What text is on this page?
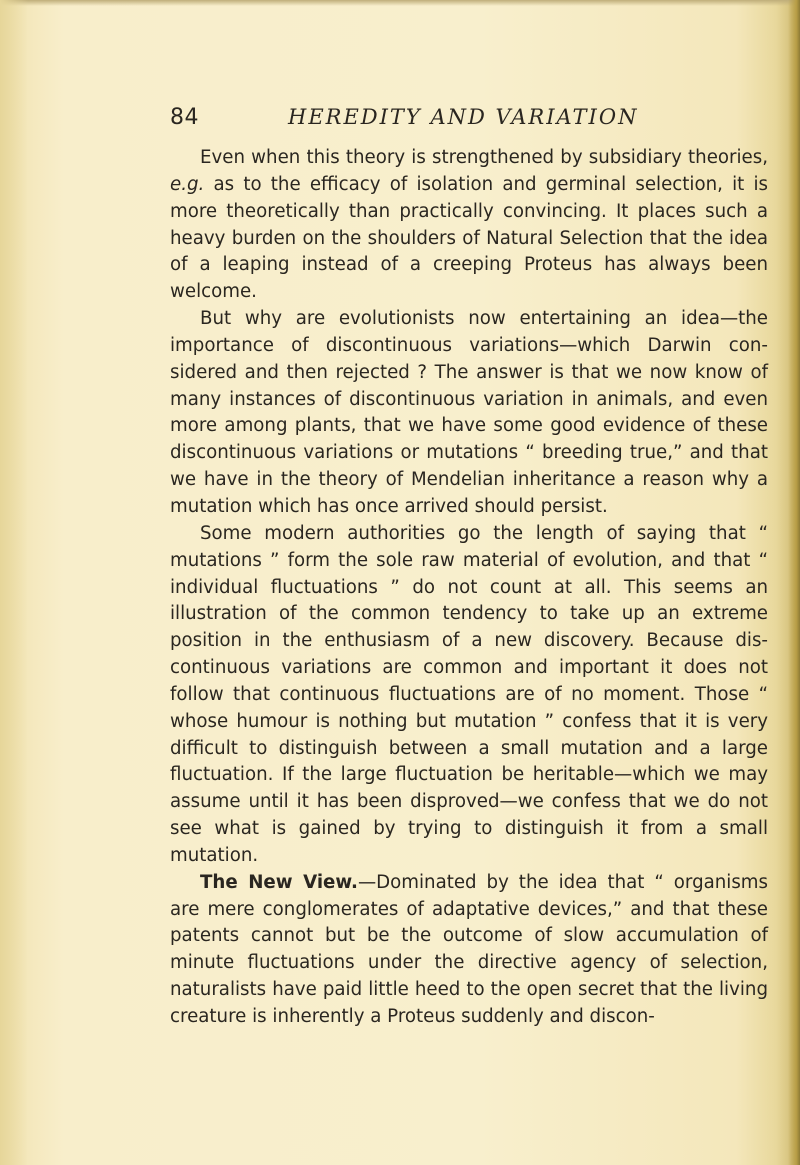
84	HEREDITY AND VARIATION

Even when this theory is strengthened by subsidiary theories, e.g. as to the efficacy of isolation and germinal selection, it is more theoretically than practically convincing. It places such a heavy burden on the shoulders of Natural Selection that the idea of a leaping instead of a creeping Proteus has always been welcome.

But why are evolutionists now entertaining an idea—the importance of discontinuous variations—which Darwin con-sidered and then rejected ? The answer is that we now know of many instances of discontinuous variation in animals, and even more among plants, that we have some good evidence of these discontinuous variations or mutations “ breeding true,” and that we have in the theory of Mendelian inheritance a reason why a mutation which has once arrived should persist.

Some modern authorities go the length of saying that “ mutations ” form the sole raw material of evolution, and that “ individual fluctuations ” do not count at all. This seems an illustration of the common tendency to take up an extreme position in the enthusiasm of a new discovery. Because dis-continuous variations are common and important it does not follow that continuous fluctuations are of no moment. Those “ whose humour is nothing but mutation ” confess that it is very difficult to distinguish between a small mutation and a large fluctuation. If the large fluctuation be heritable—which we may assume until it has been disproved—we confess that we do not see what is gained by trying to distinguish it from a small mutation.

The New View.—Dominated by the idea that “ organisms are mere conglomerates of adaptative devices,” and that these patents cannot but be the outcome of slow accumulation of minute fluctuations under the directive agency of selection, naturalists have paid little heed to the open secret that the living creature is inherently a Proteus suddenly and discon-
